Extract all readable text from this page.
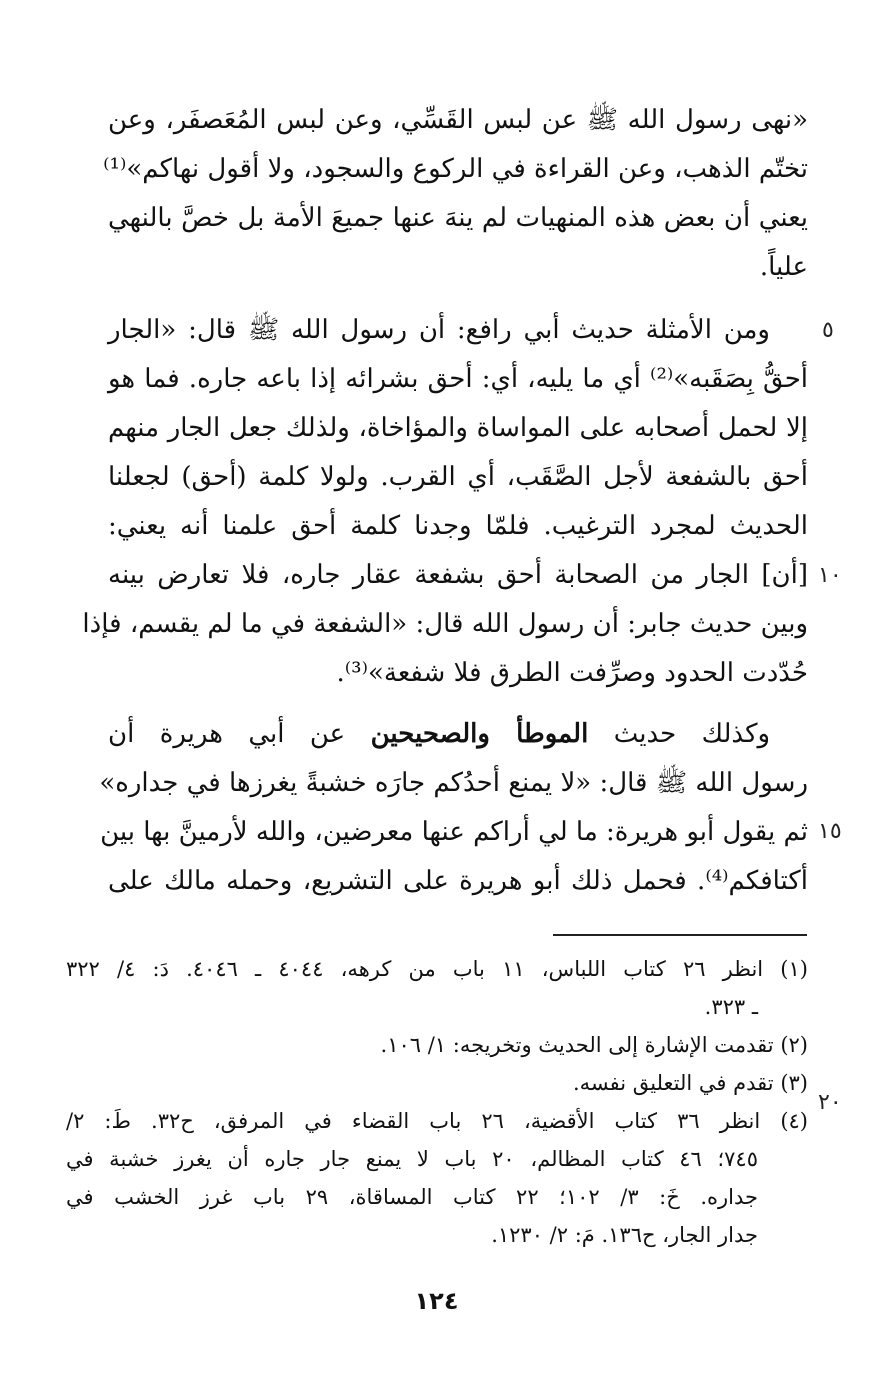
«نهى رسول الله ﷺ عن لبس القَسِّي، وعن لبس المُعَصفَر، وعن
تختّم الذهب، وعن القراءة في الركوع والسجود، ولا أقول نهاكم»⁽¹⁾
يعني أن بعض هذه المنهيات لم ينهَ عنها جميعَ الأمة بل خصَّ بالنهي
علياً.
ومن الأمثلة حديث أبي رافع: أن رسول الله ﷺ قال: «الجار
أحقُّ بِصَقَبه»⁽²⁾ أي ما يليه، أي: أحق بشرائه إذا باعه جاره. فما هو
إلا لحمل أصحابه على المواساة والمؤاخاة، ولذلك جعل الجار منهم
أحق بالشفعة لأجل الصَّقَب، أي القرب. ولولا كلمة (أحق) لجعلنا
الحديث لمجرد الترغيب. فلمّا وجدنا كلمة أحق علمنا أنه يعني:
[أن] الجار من الصحابة أحق بشفعة عقار جاره، فلا تعارض بينه
وبين حديث جابر: أن رسول الله قال: «الشفعة في ما لم يقسم، فإذا
حُدّدت الحدود وصرِّفت الطرق فلا شفعة»⁽³⁾.
وكذلك حديث الموطأ والصحيحين عن أبي هريرة أن
رسول الله ﷺ قال: «لا يمنع أحدُكم جارَه خشبةً يغرزها في جداره»
ثم يقول أبو هريرة: ما لي أراكم عنها معرضين، والله لأرمينَّ بها بين
أكتافكم⁽⁴⁾. فحمل ذلك أبو هريرة على التشريع، وحمله مالك على
٥
١٠
١٥
٢٠
(١) انظر ٢٦ كتاب اللباس، ١١ باب من كرهه، ٤٠٤٤ ـ ٤٠٤٦. دَ: ٤/ ٣٢٢
ـ ٣٢٣.
(٢) تقدمت الإشارة إلى الحديث وتخريجه: ١/ ١٠٦.
(٣) تقدم في التعليق نفسه.
(٤) انظر ٣٦ كتاب الأقضية، ٢٦ باب القضاء في المرفق، ح٣٢. طَ: ٢/
٧٤٥؛ ٤٦ كتاب المظالم، ٢٠ باب لا يمنع جار جاره أن يغرز خشبة في
جداره. خَ: ٣/ ١٠٢؛ ٢٢ كتاب المساقاة، ٢٩ باب غرز الخشب في
جدار الجار، ح١٣٦. مَ: ٢/ ١٢٣٠.
١٢٤
